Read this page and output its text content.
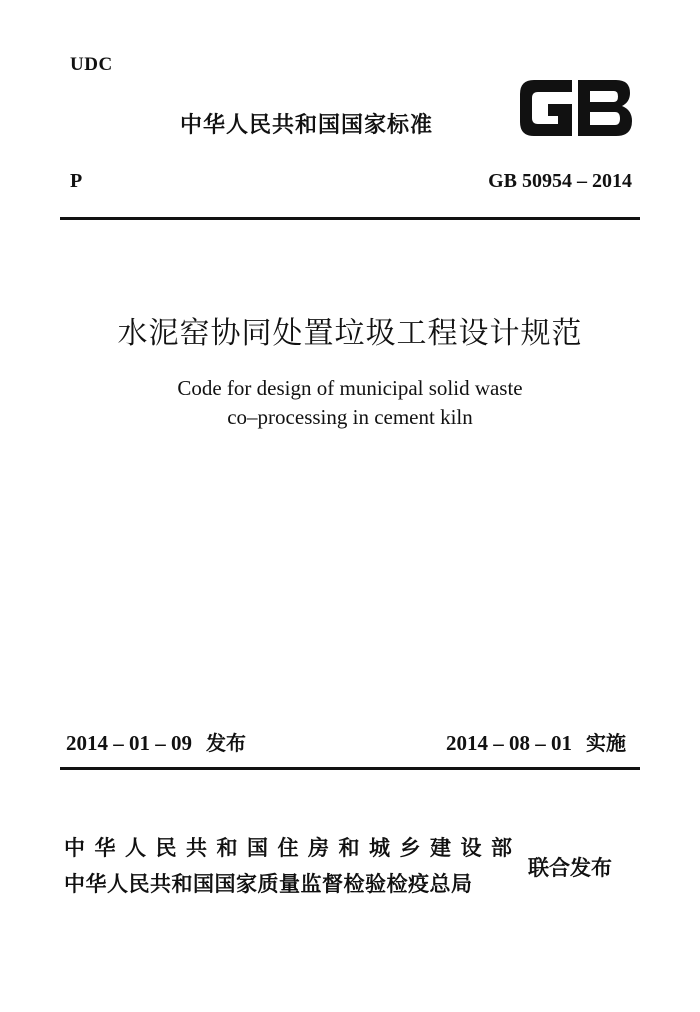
UDC
中华人民共和国国家标准
P	GB 50954 – 2014
水泥窑协同处置垃圾工程设计规范
Code for design of municipal solid waste
co–processing in cement kiln
2014 – 01 – 09 发布	2014 – 08 – 01 实施
中华人民共和国住房和城乡建设部
中华人民共和国国家质量监督检验检疫总局
联合发布
